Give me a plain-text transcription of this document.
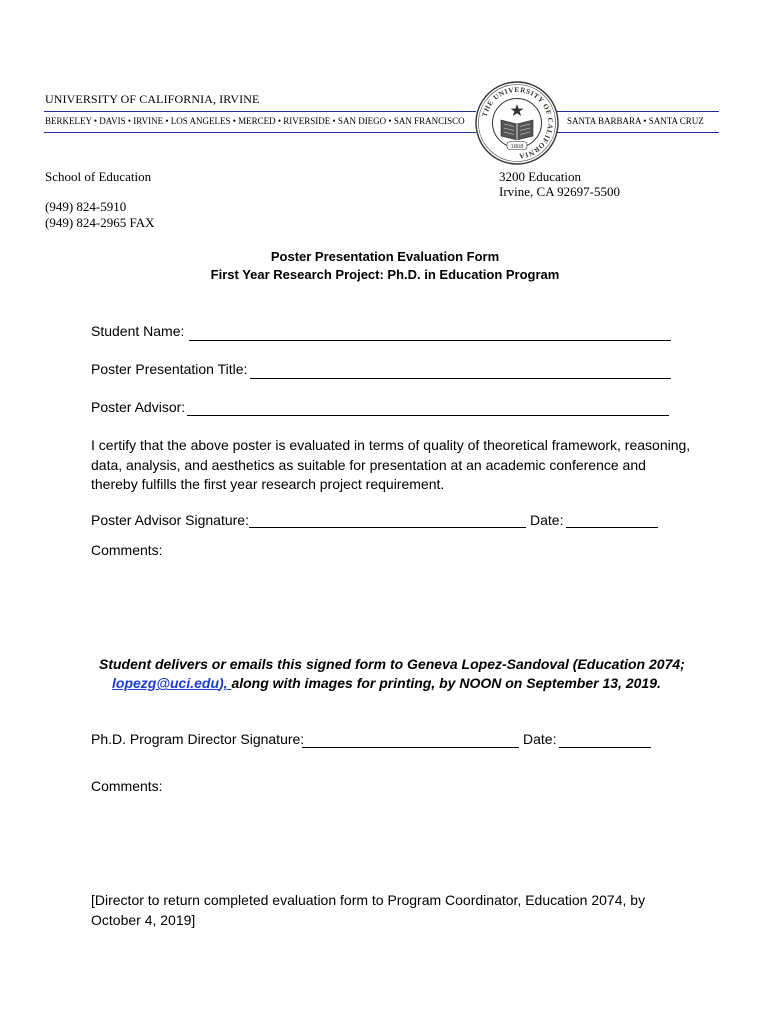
UNIVERSITY OF CALIFORNIA, IRVINE
BERKELEY • DAVIS • IRVINE • LOS ANGELES • MERCED • RIVERSIDE • SAN DIEGO • SAN FRANCISCO	SANTA BARBARA • SANTA CRUZ
THE UNIVERSITY OF CALIFORNIA
1868
School of Education
(949) 824-5910
(949) 824-2965 FAX
3200 Education
Irvine, CA 92697-5500
Poster Presentation Evaluation Form
First Year Research Project: Ph.D. in Education Program
Student Name:
Poster Presentation Title:
Poster Advisor:
I certify that the above poster is evaluated in terms of quality of theoretical framework, reasoning, data, analysis, and aesthetics as suitable for presentation at an academic conference and thereby fulfills the first year research project requirement.
Poster Advisor Signature:	Date:
Comments:
Student delivers or emails this signed form to Geneva Lopez-Sandoval (Education 2074;
lopezg@uci.edu), along with images for printing, by NOON on September 13, 2019.
Ph.D. Program Director Signature:	Date:
Comments:
[Director to return completed evaluation form to Program Coordinator, Education 2074, by October 4, 2019]
